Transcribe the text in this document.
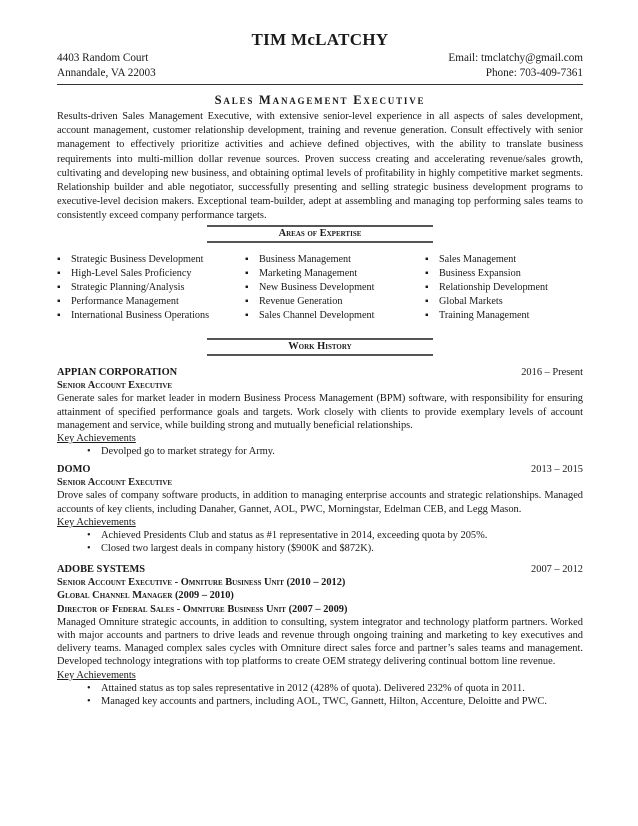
TIM McLATCHY
4403 Random Court	Email: tmclatchy@gmail.com
Annandale, VA 22003	Phone: 703-409-7361
Sales Management Executive
Results-driven Sales Management Executive, with extensive senior-level experience in all aspects of sales development, account management, customer relationship development, training and revenue generation. Consult effectively with senior management to effectively prioritize activities and achieve defined objectives, with the ability to translate business requirements into multi-million dollar revenue sources. Proven success creating and accelerating revenue/sales growth, cultivating and developing new business, and obtaining optimal levels of profitability in highly competitive market segments. Relationship builder and able negotiator, successfully presenting and selling strategic business development programs to executive-level decision makers. Exceptional team-builder, adept at assembling and managing top performing sales teams to consistently exceed company performance targets.
Areas of Expertise
▪ Strategic Business Development
▪ High-Level Sales Proficiency
▪ Strategic Planning/Analysis
▪ Performance Management
▪ International Business Operations
▪ Business Management
▪ Marketing Management
▪ New Business Development
▪ Revenue Generation
▪ Sales Channel Development
▪ Sales Management
▪ Business Expansion
▪ Relationship Development
▪ Global Markets
▪ Training Management
Work History
APPIAN CORPORATION	2016 – Present
Senior Account Executive
Generate sales for market leader in modern Business Process Management (BPM) software, with responsibility for ensuring attainment of specified performance goals and targets. Work closely with clients to provide exemplary levels of account management and service, while building strong and mutually beneficial relationships.
Key Achievements
• Devolped go to market strategy for Army.
DOMO	2013 – 2015
Senior Account Executive
Drove sales of company software products, in addition to managing enterprise accounts and strategic relationships. Managed accounts of key clients, including Danaher, Gannet, AOL, PWC, Morningstar, Edelman CEB, and Legg Mason.
Key Achievements
• Achieved Presidents Club and status as #1 representative in 2014, exceeding quota by 205%.
• Closed two largest deals in company history ($900K and $872K).
ADOBE SYSTEMS	2007 – 2012
Senior Account Executive - Omniture Business Unit (2010 – 2012)
Global Channel Manager (2009 – 2010)
Director of Federal Sales - Omniture Business Unit (2007 – 2009)
Managed Omniture strategic accounts, in addition to consulting, system integrator and technology platform partners. Worked with major accounts and partners to drive leads and revenue through ongoing training and marketing to key executives and delivery teams. Managed complex sales cycles with Omniture direct sales force and partner’s sales teams and management. Developed technology integrations with top platforms to create OEM strategy delivering continual bottom line revenue.
Key Achievements
• Attained status as top sales representative in 2012 (428% of quota). Delivered 232% of quota in 2011.
• Managed key accounts and partners, including AOL, TWC, Gannett, Hilton, Accenture, Deloitte and PWC.
